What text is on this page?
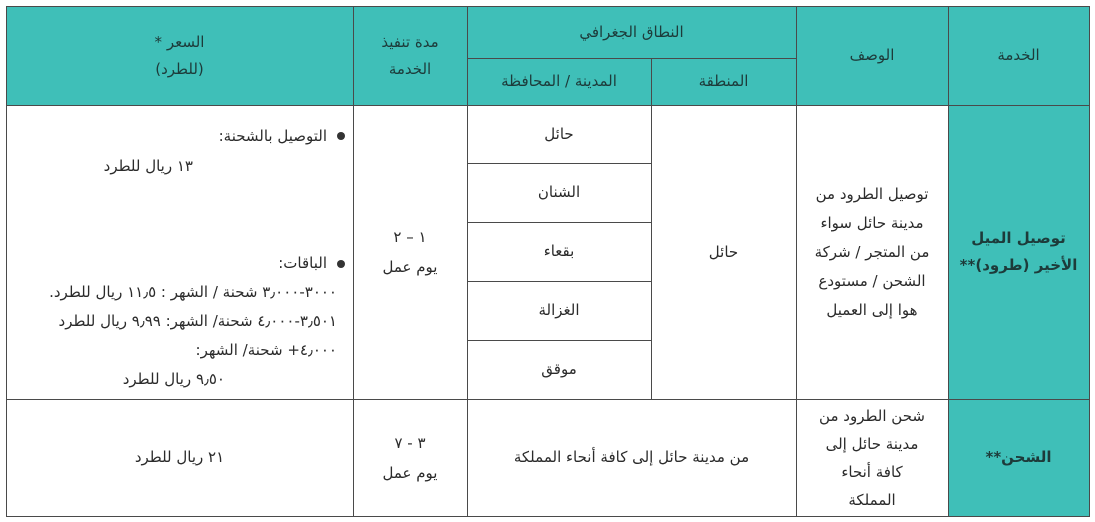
الخدمة
الوصف
النطاق الجغرافي
المنطقة
المدينة / المحافظة
مدة تنفيذ
الخدمة
السعر *
(للطرد)
توصيل الميل
الأخير (طرود)**
توصيل الطرود من
مدينة حائل سواء
من المتجر / شركة
الشحن / مستودع
هوا إلى العميل
حائل
حائل
الشنان
بقعاء
الغزالة
موقق
١ – ٢
يوم عمل
التوصيل بالشحنة:
١٣ ريال للطرد
الباقات:
٣٠٠٠-٣٫٠٠٠ شحنة / الشهر : ١١٫٥ ريال للطرد.
٣٫٥٠١-٤٫٠٠٠ شحنة/ الشهر: ٩٫٩٩ ريال للطرد
٤٫٠٠٠+ شحنة/ الشهر:
٩٫٥٠ ريال للطرد
الشحن**
شحن الطرود من
مدينة حائل إلى
كافة أنحاء
المملكة
من مدينة حائل إلى كافة أنحاء المملكة
٣ - ٧
يوم عمل
٢١ ريال للطرد
